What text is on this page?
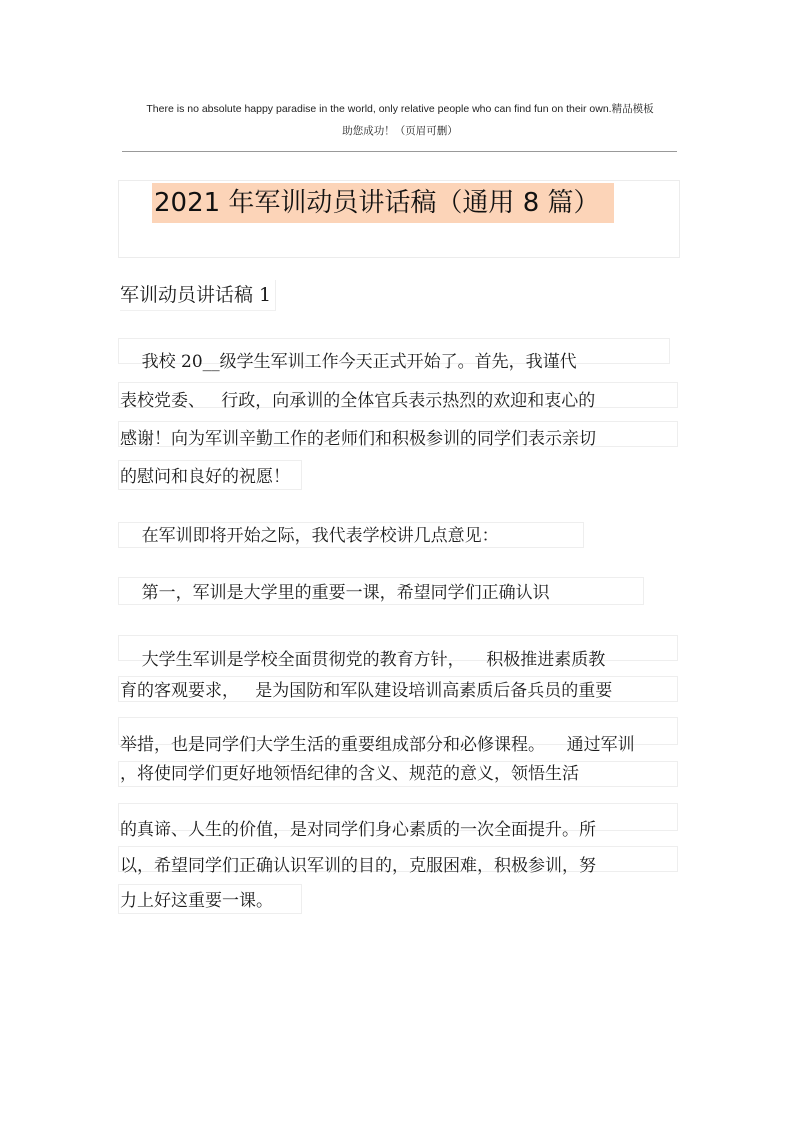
There is no absolute happy paradise in the world, only relative people who can find fun on their own.精品模板
助您成功！（页眉可删）
2021 年军训动员讲话稿（通用 8 篇）
军训动员讲话稿 1
我校 20__级学生军训工作今天正式开始了。首先，我谨代
表校党委、   行政，向承训的全体官兵表示热烈的欢迎和衷心的
感谢！向为军训辛勤工作的老师们和积极参训的同学们表示亲切
的慰问和良好的祝愿！
在军训即将开始之际，我代表学校讲几点意见：
第一，军训是大学里的重要一课，希望同学们正确认识
大学生军训是学校全面贯彻党的教育方针，    积极推进素质教
育的客观要求，   是为国防和军队建设培训高素质后备兵员的重要
举措，也是同学们大学生活的重要组成部分和必修课程。    通过军训
，将使同学们更好地领悟纪律的含义、规范的意义，领悟生活
的真谛、人生的价值，是对同学们身心素质的一次全面提升。所
以，希望同学们正确认识军训的目的，克服困难，积极参训，努
力上好这重要一课。
